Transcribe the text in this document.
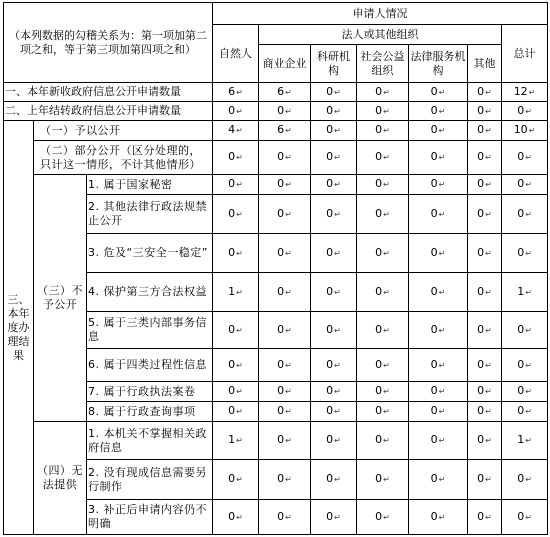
（本列数据的勾稽关系为：第一项加第二项之和，等于第三项加第四项之和）			申请人情况						
			自然人	法人或其他组织					总计
				商业企业	科研机构	社会公益组织	法律服务机构	其他	
一、本年新收政府信息公开申请数量			6↵	6↵	0↵	0↵	0↵	0↵	12↵
二、上年结转政府信息公开申请数量			0↵	0↵	0↵	0↵	0↵	0↵	0↵
三、本年度办理结果	（一）予以公开		4↵	6↵	0↵	0↵	0↵	0↵	10↵
	（二）部分公开（区分处理的，只计这一情形，不计其他情形）		0↵	0↵	0↵	0↵	0↵	0↵	0↵
	（三）不予公开	1. 属于国家秘密	0↵	0↵	0↵	0↵	0↵	0↵	0↵
		2. 其他法律行政法规禁止公开	0↵	0↵	0↵	0↵	0↵	0↵	0↵
		3. 危及“三安全一稳定”	0↵	0↵	0↵	0↵	0↵	0↵	0↵
		4. 保护第三方合法权益	1↵	0↵	0↵	0↵	0↵	0↵	1↵
		5. 属于三类内部事务信息	0↵	0↵	0↵	0↵	0↵	0↵	0↵
		6. 属于四类过程性信息	0↵	0↵	0↵	0↵	0↵	0↵	0↵
		7. 属于行政执法案卷	0↵	0↵	0↵	0↵	0↵	0↵	0↵
		8. 属于行政查询事项	0↵	0↵	0↵	0↵	0↵	0↵	0↵
	（四）无法提供	1. 本机关不掌握相关政府信息	1↵	0↵	0↵	0↵	0↵	0↵	1↵
		2. 没有现成信息需要另行制作	0↵	0↵	0↵	0↵	0↵	0↵	0↵
		3. 补正后申请内容仍不明确	0↵	0↵	0↵	0↵	0↵	0↵	0↵
